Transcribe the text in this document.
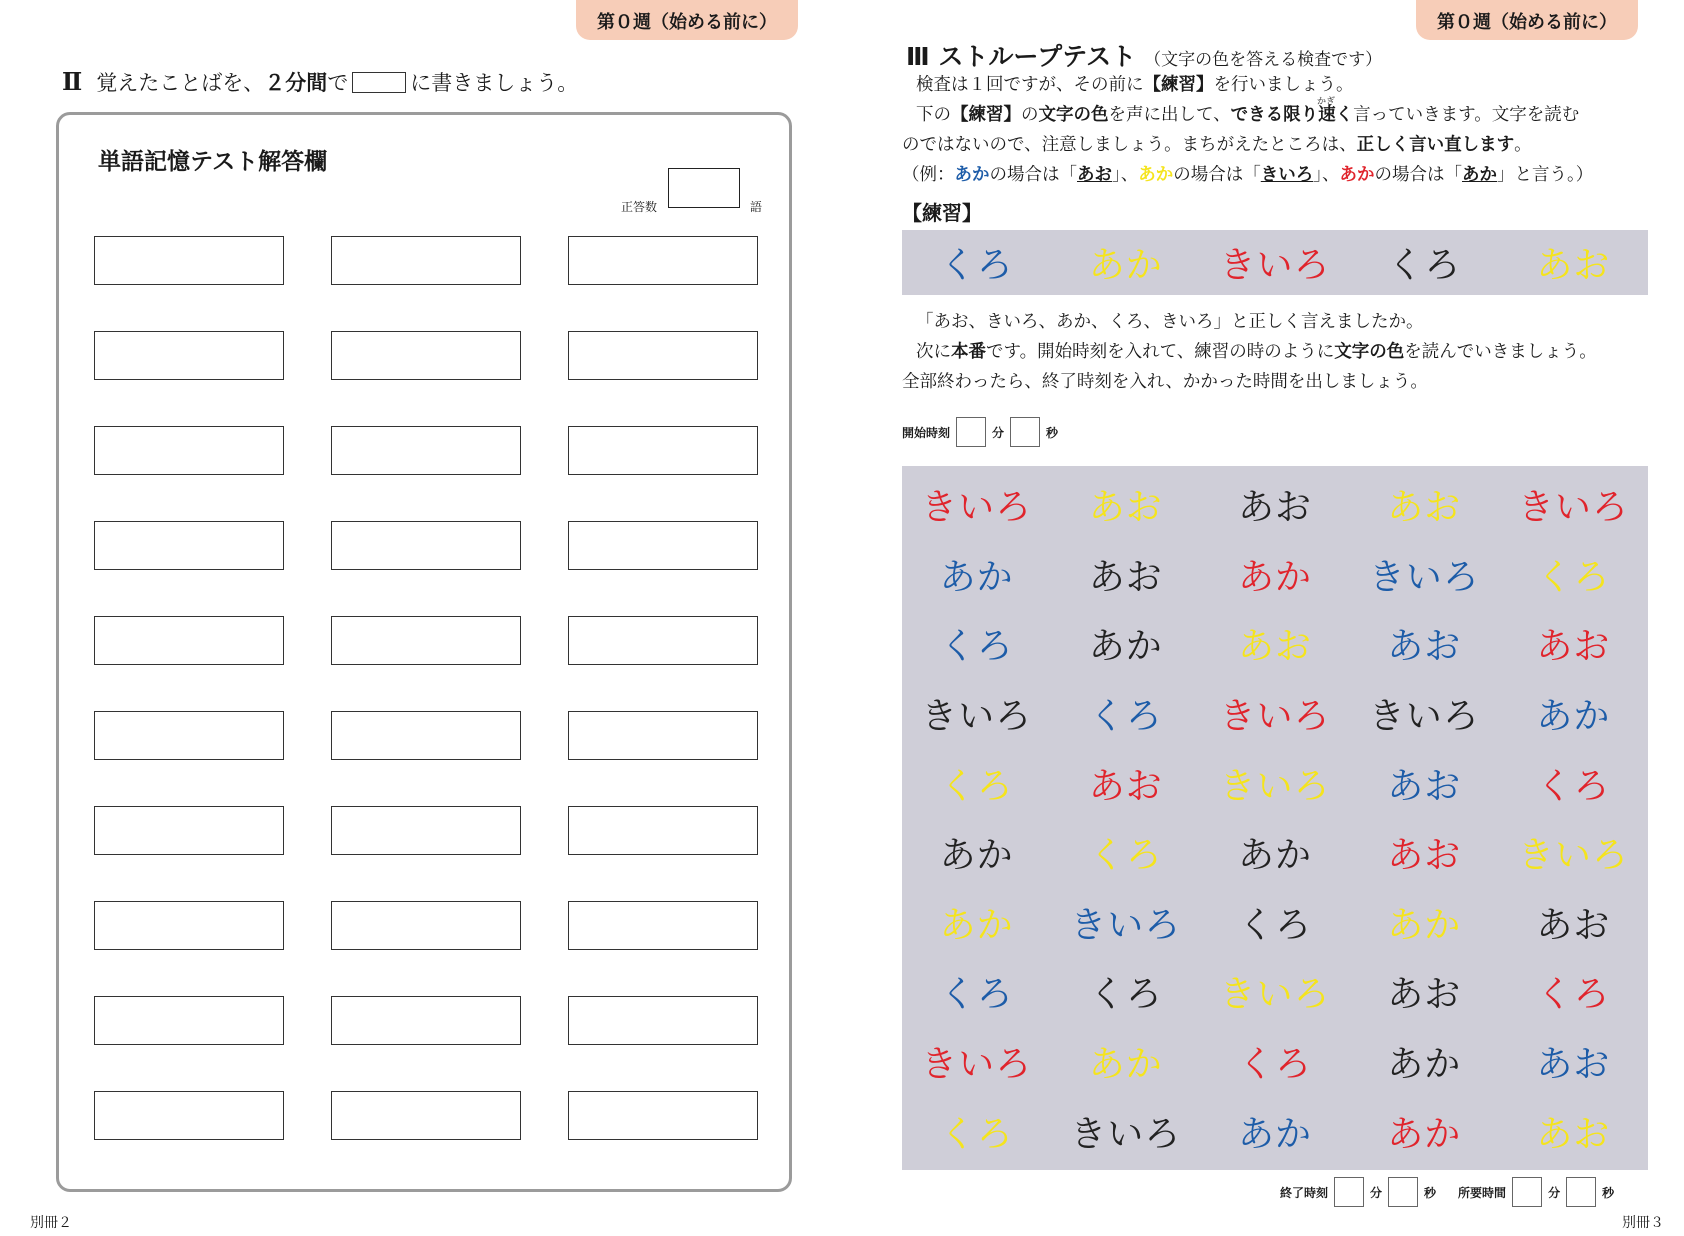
第０週（始める前に）
Ⅱ 覚えたことばを、２分間で	に書きましょう。
単語記憶テスト解答欄
正答数	語
別冊２
第０週（始める前に）
Ⅲ ストループテスト （文字の色を答える検査です）
検査は１回ですが、その前に【練習】を行いましょう。
下の【練習】の文字の色を声に出して、できる限り速く言っていきます。文字を読む
かぎ
のではないので、注意しましょう。まちがえたところは、正しく言い直します。
（例：あかの場合は「あお」、あかの場合は「きいろ」、あかの場合は「あか」と言う。）
【練習】
くろ	あか	きいろ	くろ	あお
「あお、きいろ、あか、くろ、きいろ」と正しく言えましたか。
次に本番です。開始時刻を入れて、練習の時のように文字の色を読んでいきましょう。
全部終わったら、終了時刻を入れ、かかった時間を出しましょう。
開始時刻	分	秒
きいろ	あお	あお	あお	きいろ
あか	あお	あか	きいろ	くろ
くろ	あか	あお	あお	あお
きいろ	くろ	きいろ	きいろ	あか
くろ	あお	きいろ	あお	くろ
あか	くろ	あか	あお	きいろ
あか	きいろ	くろ	あか	あお
くろ	くろ	きいろ	あお	くろ
きいろ	あか	くろ	あか	あお
くろ	きいろ	あか	あか	あお
終了時刻	分	秒 所要時間	分	秒
別冊３
